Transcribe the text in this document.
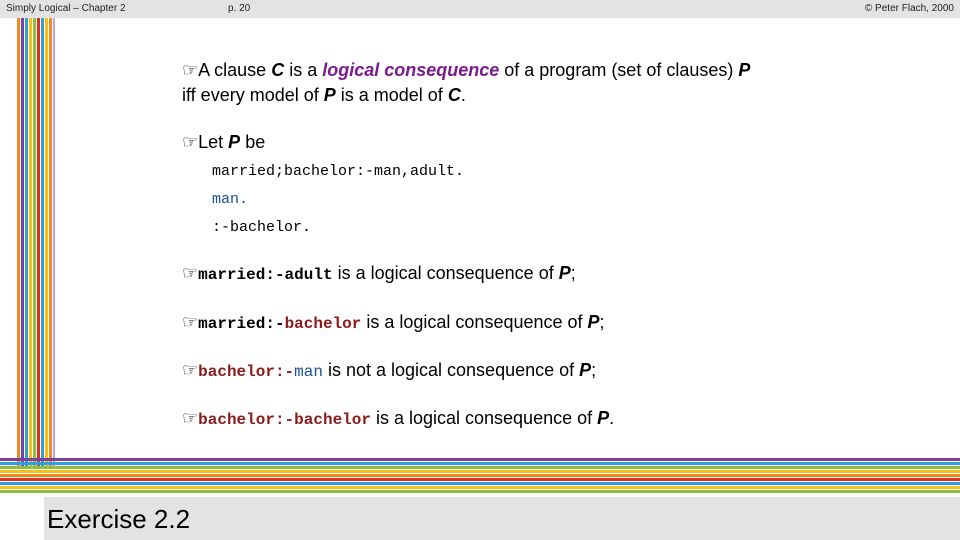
Simply Logical – Chapter 2	p. 20	© Peter Flach, 2000
Exercise 2.2
☞A clause C is a logical consequence of a program (set of clauses) P
iff every model of P is a model of C.
☞Let P be
married;bachelor:-man,adult.
man.
:-bachelor.
☞married:-adult is a logical consequence of P;
☞married:-bachelor is a logical consequence of P;
☞bachelor:-man is not a logical consequence of P;
☞bachelor:-bachelor is a logical consequence of P.
